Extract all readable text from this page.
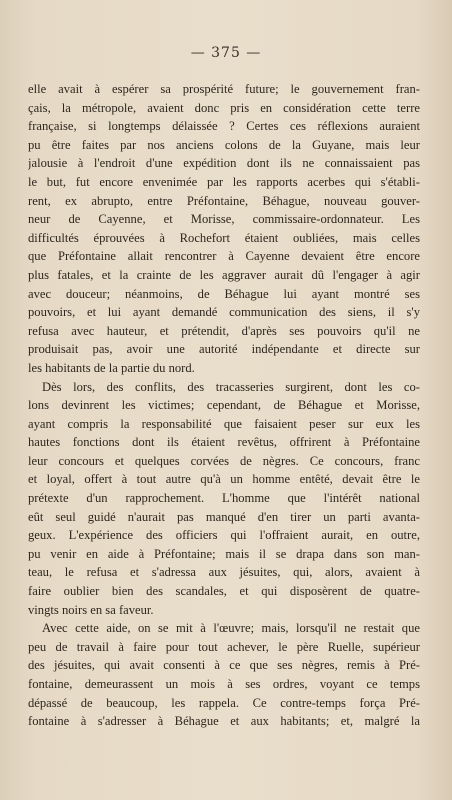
— 375 —
elle avait à espérer sa prospérité future; le gouvernement fran-
çais, la métropole, avaient donc pris en considération cette terre
française, si longtemps délaissée ? Certes ces réflexions auraient
pu être faites par nos anciens colons de la Guyane, mais leur
jalousie à l'endroit d'une expédition dont ils ne connaissaient pas
le but, fut encore envenimée par les rapports acerbes qui s'établi-
rent, ex abrupto, entre Préfontaine, Béhague, nouveau gouver-
neur de Cayenne, et Morisse, commissaire-ordonnateur. Les
difficultés éprouvées à Rochefort étaient oubliées, mais celles
que Préfontaine allait rencontrer à Cayenne devaient être encore
plus fatales, et la crainte de les aggraver aurait dû l'engager à agir
avec douceur; néanmoins, de Béhague lui ayant montré ses
pouvoirs, et lui ayant demandé communication des siens, il s'y
refusa avec hauteur, et prétendit, d'après ses pouvoirs qu'il ne
produisait pas, avoir une autorité indépendante et directe sur
les habitants de la partie du nord.
Dès lors, des conflits, des tracasseries surgirent, dont les co-
lons devinrent les victimes; cependant, de Béhague et Morisse,
ayant compris la responsabilité que faisaient peser sur eux les
hautes fonctions dont ils étaient revêtus, offrirent à Préfontaine
leur concours et quelques corvées de nègres. Ce concours, franc
et loyal, offert à tout autre qu'à un homme entêté, devait être le
prétexte d'un rapprochement. L'homme que l'intérêt national
eût seul guidé n'aurait pas manqué d'en tirer un parti avanta-
geux. L'expérience des officiers qui l'offraient aurait, en outre,
pu venir en aide à Préfontaine; mais il se drapa dans son man-
teau, le refusa et s'adressa aux jésuites, qui, alors, avaient à
faire oublier bien des scandales, et qui disposèrent de quatre-
vingts noirs en sa faveur.
Avec cette aide, on se mit à l'œuvre; mais, lorsqu'il ne restait que
peu de travail à faire pour tout achever, le père Ruelle, supérieur
des jésuites, qui avait consenti à ce que ses nègres, remis à Pré-
fontaine, demeurassent un mois à ses ordres, voyant ce temps
dépassé de beaucoup, les rappela. Ce contre-temps força Pré-
fontaine à s'adresser à Béhague et aux habitants; et, malgré la
